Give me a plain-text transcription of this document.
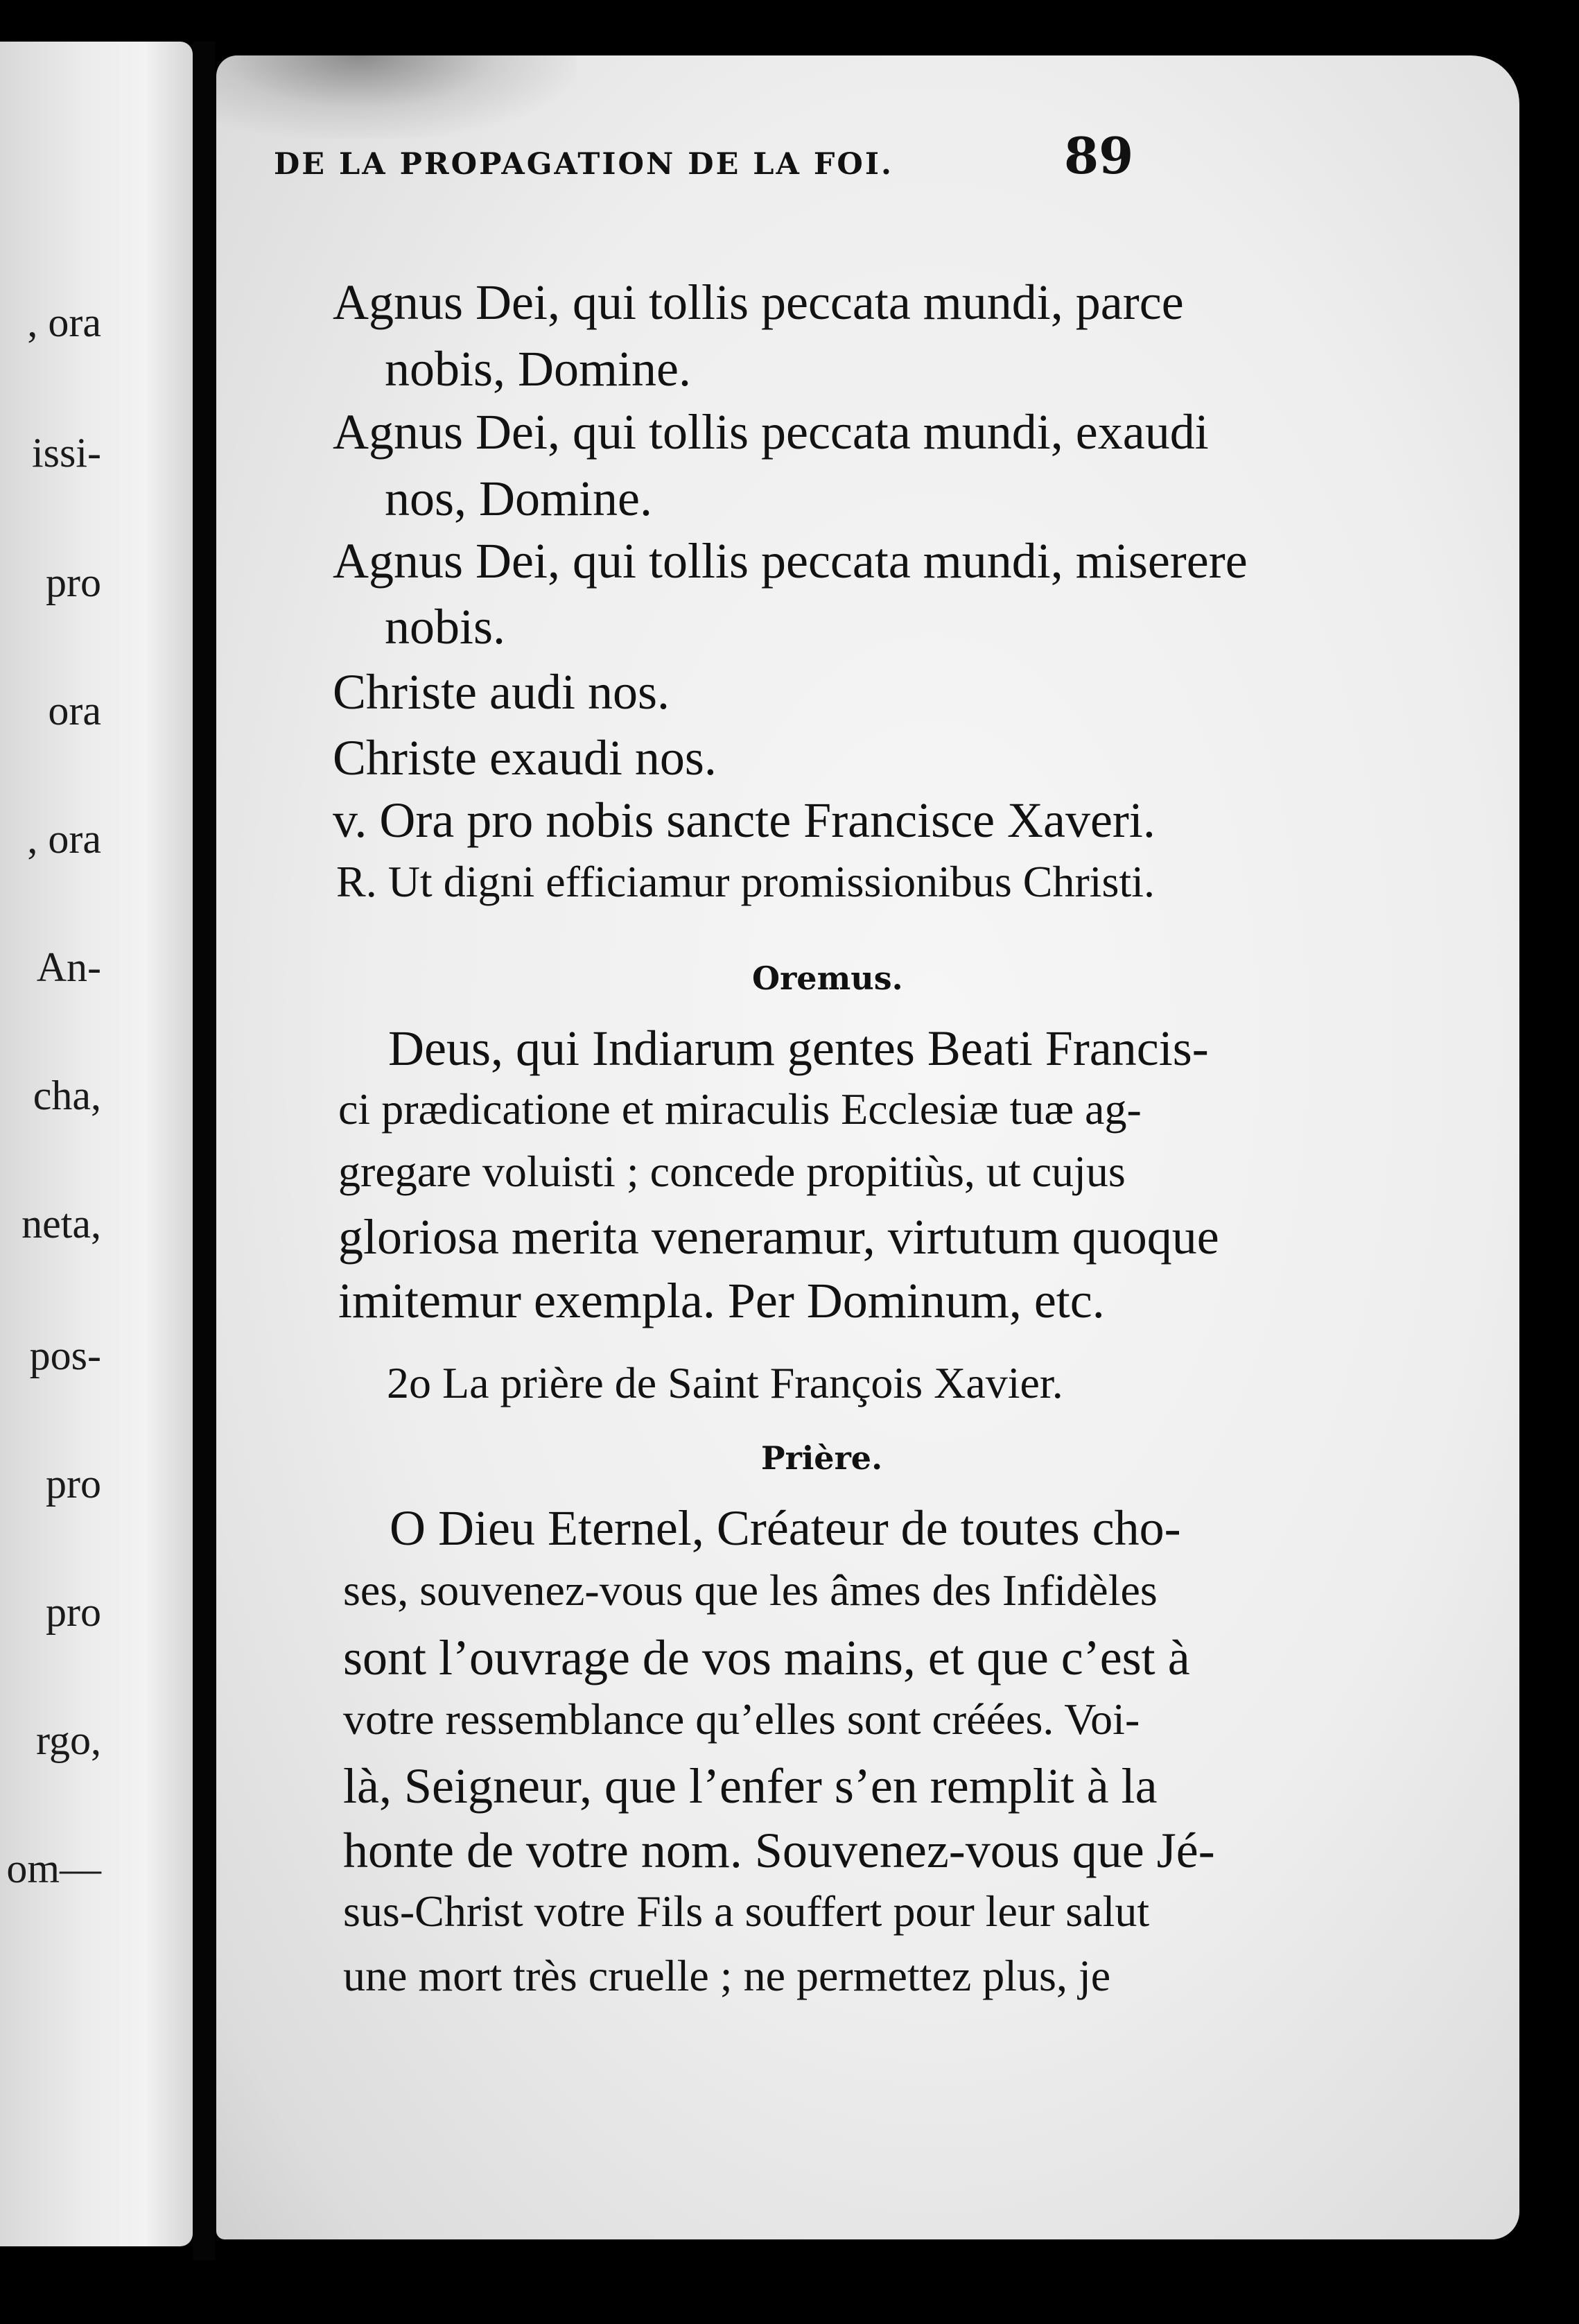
, ora
issi-
pro
ora
, ora
An-
cha,
neta,
pos-
pro
pro
rgo,
om—
DE LA PROPAGATION DE LA FOI.	89
Agnus Dei, qui tollis peccata mundi, parce
nobis, Domine.
Agnus Dei, qui tollis peccata mundi, exaudi
nos, Domine.
Agnus Dei, qui tollis peccata mundi, miserere
nobis.
Christe audi nos.
Christe exaudi nos.
v. Ora pro nobis sancte Francisce Xaveri.
R. Ut digni efficiamur promissionibus Christi.
Oremus.
Deus, qui Indiarum gentes Beati Francis-
ci prædicatione et miraculis Ecclesiæ tuæ ag-
gregare voluisti ; concede propitiùs, ut cujus
gloriosa merita veneramur, virtutum quoque
imitemur exempla. Per Dominum, etc.
2o La prière de Saint François Xavier.
Prière.
O Dieu Eternel, Créateur de toutes cho-
ses, souvenez-vous que les âmes des Infidèles
sont l’ouvrage de vos mains, et que c’est à
votre ressemblance qu’elles sont créées. Voi-
là, Seigneur, que l’enfer s’en remplit à la
honte de votre nom. Souvenez-vous que Jé-
sus-Christ votre Fils a souffert pour leur salut
une mort très cruelle ; ne permettez plus, je
